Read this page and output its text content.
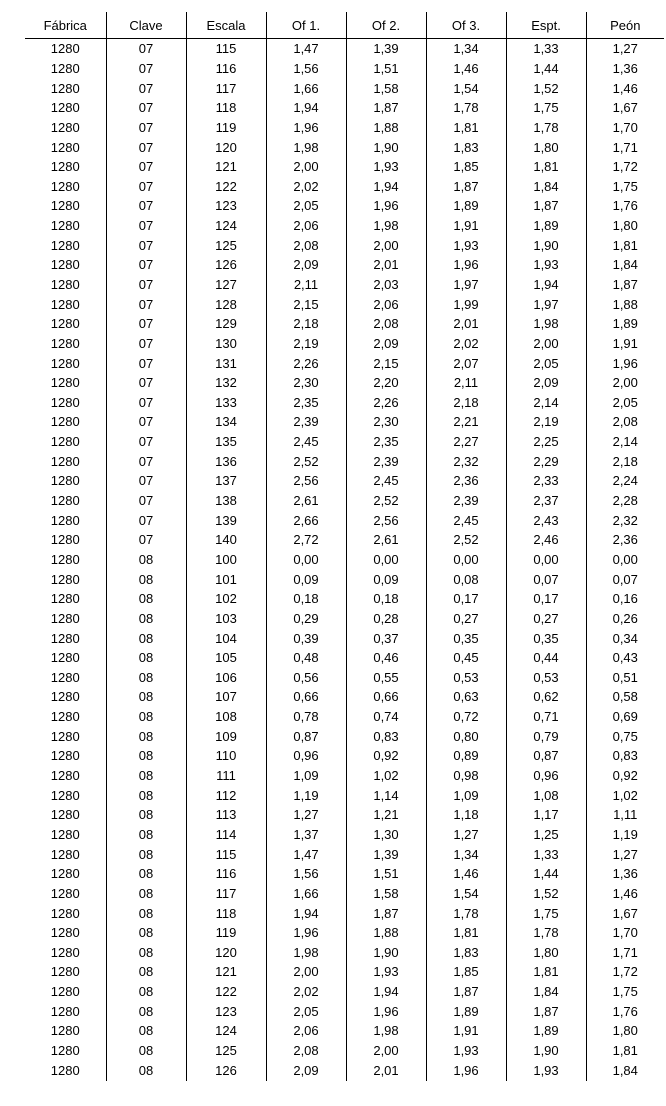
Fábrica	Clave	Escala	Of 1.	Of 2.	Of 3.	Espt.	Peón
1280	07	115	1,47	1,39	1,34	1,33	1,27
1280	07	116	1,56	1,51	1,46	1,44	1,36
1280	07	117	1,66	1,58	1,54	1,52	1,46
1280	07	118	1,94	1,87	1,78	1,75	1,67
1280	07	119	1,96	1,88	1,81	1,78	1,70
1280	07	120	1,98	1,90	1,83	1,80	1,71
1280	07	121	2,00	1,93	1,85	1,81	1,72
1280	07	122	2,02	1,94	1,87	1,84	1,75
1280	07	123	2,05	1,96	1,89	1,87	1,76
1280	07	124	2,06	1,98	1,91	1,89	1,80
1280	07	125	2,08	2,00	1,93	1,90	1,81
1280	07	126	2,09	2,01	1,96	1,93	1,84
1280	07	127	2,11	2,03	1,97	1,94	1,87
1280	07	128	2,15	2,06	1,99	1,97	1,88
1280	07	129	2,18	2,08	2,01	1,98	1,89
1280	07	130	2,19	2,09	2,02	2,00	1,91
1280	07	131	2,26	2,15	2,07	2,05	1,96
1280	07	132	2,30	2,20	2,11	2,09	2,00
1280	07	133	2,35	2,26	2,18	2,14	2,05
1280	07	134	2,39	2,30	2,21	2,19	2,08
1280	07	135	2,45	2,35	2,27	2,25	2,14
1280	07	136	2,52	2,39	2,32	2,29	2,18
1280	07	137	2,56	2,45	2,36	2,33	2,24
1280	07	138	2,61	2,52	2,39	2,37	2,28
1280	07	139	2,66	2,56	2,45	2,43	2,32
1280	07	140	2,72	2,61	2,52	2,46	2,36
1280	08	100	0,00	0,00	0,00	0,00	0,00
1280	08	101	0,09	0,09	0,08	0,07	0,07
1280	08	102	0,18	0,18	0,17	0,17	0,16
1280	08	103	0,29	0,28	0,27	0,27	0,26
1280	08	104	0,39	0,37	0,35	0,35	0,34
1280	08	105	0,48	0,46	0,45	0,44	0,43
1280	08	106	0,56	0,55	0,53	0,53	0,51
1280	08	107	0,66	0,66	0,63	0,62	0,58
1280	08	108	0,78	0,74	0,72	0,71	0,69
1280	08	109	0,87	0,83	0,80	0,79	0,75
1280	08	110	0,96	0,92	0,89	0,87	0,83
1280	08	111	1,09	1,02	0,98	0,96	0,92
1280	08	112	1,19	1,14	1,09	1,08	1,02
1280	08	113	1,27	1,21	1,18	1,17	1,11
1280	08	114	1,37	1,30	1,27	1,25	1,19
1280	08	115	1,47	1,39	1,34	1,33	1,27
1280	08	116	1,56	1,51	1,46	1,44	1,36
1280	08	117	1,66	1,58	1,54	1,52	1,46
1280	08	118	1,94	1,87	1,78	1,75	1,67
1280	08	119	1,96	1,88	1,81	1,78	1,70
1280	08	120	1,98	1,90	1,83	1,80	1,71
1280	08	121	2,00	1,93	1,85	1,81	1,72
1280	08	122	2,02	1,94	1,87	1,84	1,75
1280	08	123	2,05	1,96	1,89	1,87	1,76
1280	08	124	2,06	1,98	1,91	1,89	1,80
1280	08	125	2,08	2,00	1,93	1,90	1,81
1280	08	126	2,09	2,01	1,96	1,93	1,84
